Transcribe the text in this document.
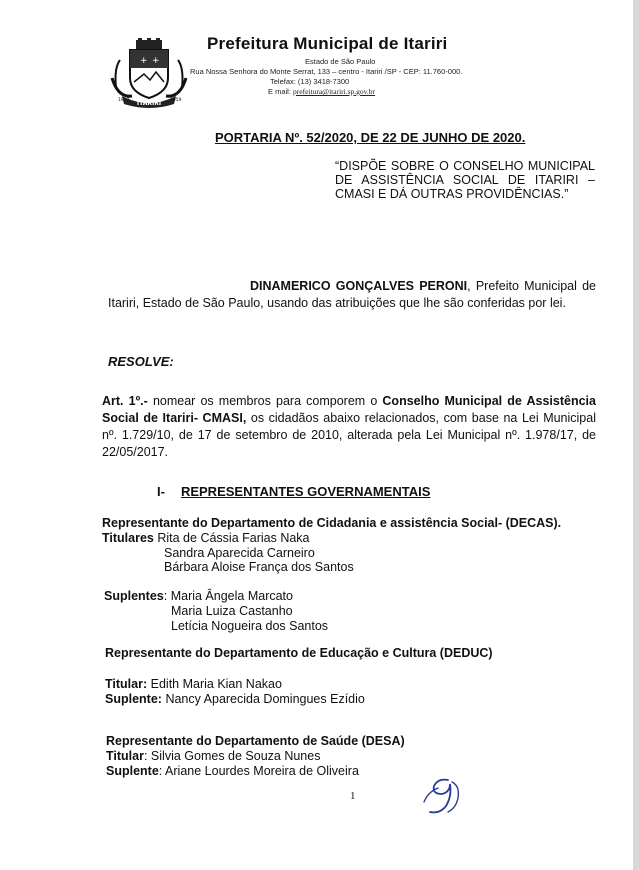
+ +
ITARIRI
1912	1959
Prefeitura Municipal de Itariri
Estado de São Paulo
Rua Nossa Senhora do Monte Serrat, 133 – centro - Itariri /SP - CEP: 11.760-000.
Telefax: (13) 3418-7300
E mail: prefeitura@itariri.sp.gov.br
PORTARIA Nº. 52/2020, DE 22 DE JUNHO DE 2020.
“DISPÕE SOBRE O CONSELHO MUNICIPAL DE ASSISTÊNCIA SOCIAL DE ITARIRI – CMASI E DÁ OUTRAS PROVIDÊNCIAS.”
DINAMERICO GONÇALVES PERONI, Prefeito Municipal de Itariri, Estado de São Paulo, usando das atribuições que lhe são conferidas por lei.
RESOLVE:
Art. 1º.- nomear os membros para comporem o Conselho Municipal de Assistência Social de Itariri- CMASI, os cidadãos abaixo relacionados, com base na Lei Municipal nº. 1.729/10, de 17 de setembro de 2010, alterada pela Lei Municipal nº. 1.978/17, de 22/05/2017.
I- REPRESENTANTES GOVERNAMENTAIS
Representante do Departamento de Cidadania e assistência Social- (DECAS).
Titulares Rita de Cássia Farias Naka
Sandra Aparecida Carneiro
Bárbara Aloise França dos Santos
Suplentes: Maria Ângela Marcato
Maria Luiza Castanho
Letícia Nogueira dos Santos
Representante do Departamento de Educação e Cultura (DEDUC)
Titular: Edith Maria Kian Nakao
Suplente: Nancy Aparecida Domingues Ezídio
Representante do Departamento de Saúde (DESA)
Titular: Silvia Gomes de Souza Nunes
Suplente: Ariane Lourdes Moreira de Oliveira
1
